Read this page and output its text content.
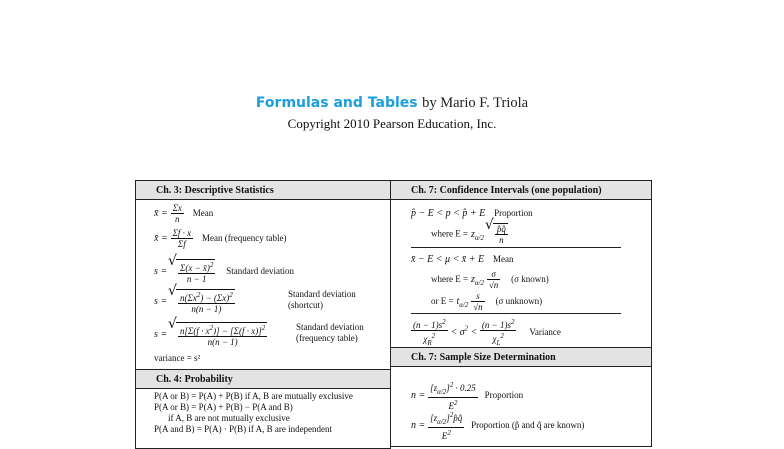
Formulas and Tables by Mario F. Triola
Copyright 2010 Pearson Education, Inc.
Ch. 3: Descriptive Statistics
x̄ = $\frac{\Sigma x}{n}$ Mean
x̄ = $\frac{\Sigma f \cdot x}{\Sigma f}$ Mean (frequency table)
s = √ $\frac{\Sigma(x - x̄)^2}{n - 1}$ Standard deviation
s = √ $\frac{n(\Sigma x^2) - (\Sigma x)^2}{n(n - 1)}$	Standard deviation
(shortcut)
s = √ $\frac{n[\Sigma(f \cdot x^2)] - [\Sigma(f \cdot x)]^2}{n(n - 1)}$	Standard deviation
(frequency table)
variance = s²
Ch. 4: Probability
P(A or B) = P(A) + P(B) if A, B are mutually exclusive
P(A or B) = P(A) + P(B) − P(A and B)
if A, B are not mutually exclusive
P(A and B) = P(A) · P(B) if A, B are independent
Ch. 7: Confidence Intervals (one population)
p̂ − E < p < p̂ + E Proportion
where $E = z_{\alpha/2}$ √ $\frac{p̂q̂}{n}$
x̄ − E < μ < x̄ + E Mean
where $E = z_{\alpha/2} \frac{\sigma}{√n} (\sigma$ known)
or $E = t_{\alpha/2} \frac{s}{√n} (\sigma$ unknown)
$\frac{(n - 1)s^2}{\chi_R^2} < \sigma^2 < \frac{(n - 1)s^2}{\chi_L^2}$ Variance
Ch. 7: Sample Size Determination
$n = \frac{[z_{\alpha/2}]^2 \cdot 0.25}{E^2}$ Proportion
$n = \frac{[z_{\alpha/2}]^2p̂q̂}{E^2}$ Proportion (p̂ and q̂ are known)
